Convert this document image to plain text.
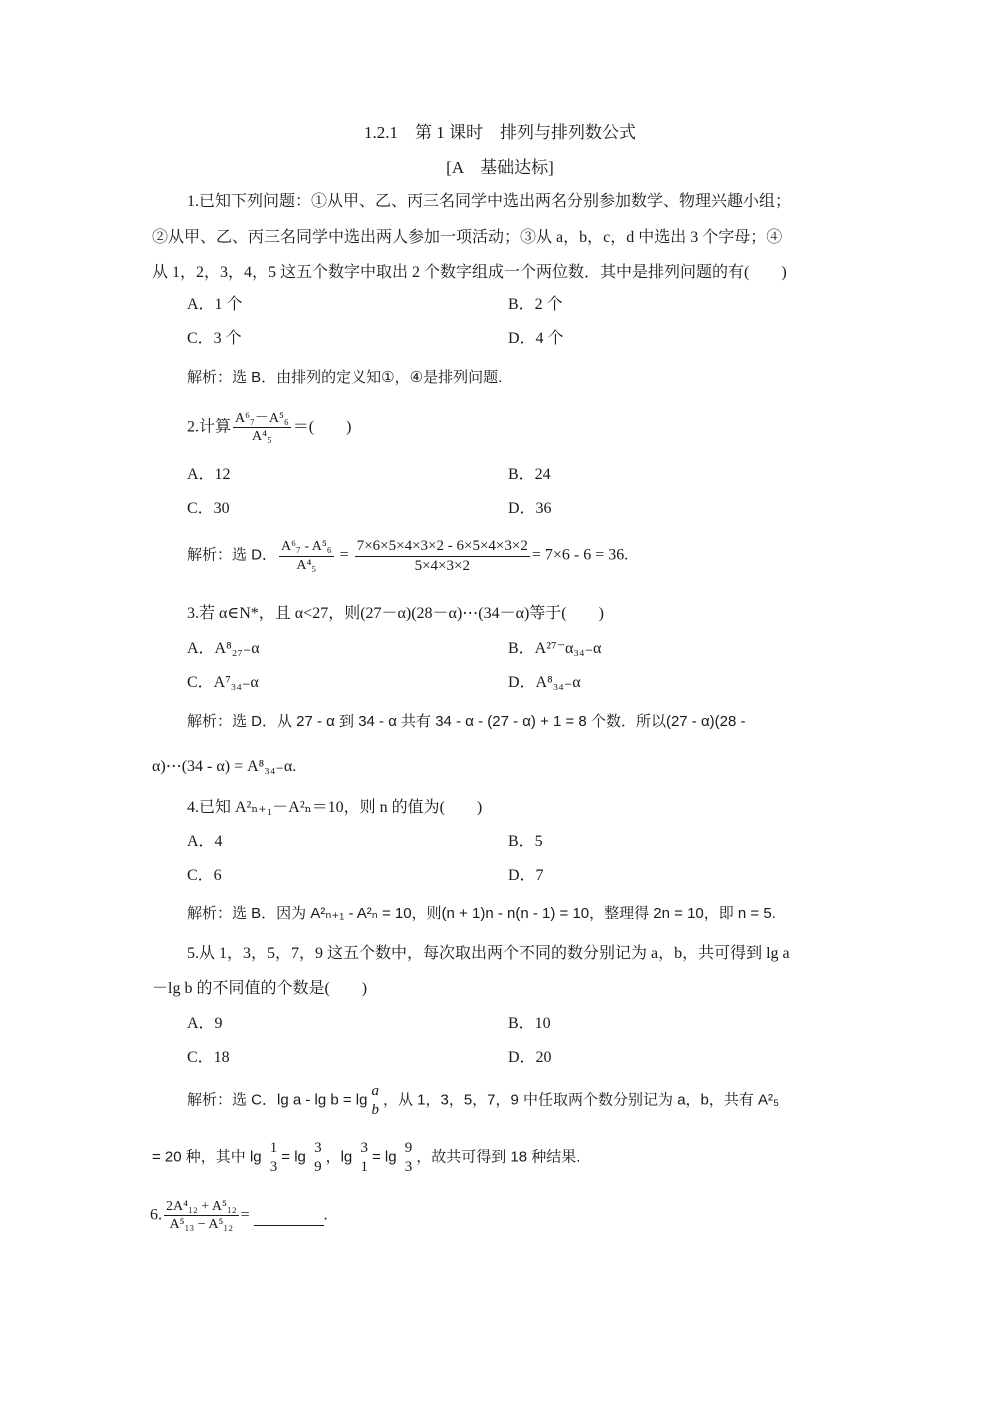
1.2.1　第 1 课时　排列与排列数公式
[A　基础达标]
1.已知下列问题：①从甲、乙、丙三名同学中选出两名分别参加数学、物理兴趣小组；
②从甲、乙、丙三名同学中选出两人参加一项活动；③从 a，b，c，d 中选出 3 个字母；④
从 1，2，3，4，5 这五个数字中取出 2 个数字组成一个两位数．其中是排列问题的有(　　)
A．1 个	B．2 个
C．3 个	D．4 个
解析：选 B．由排列的定义知①，④是排列问题.
2.计算 $\frac{\text{A⁶₇－A⁵₆}}{\text{A⁴₅}}$ ＝(　　)
A．12	B．24
C．30	D．36
解析：选 D． $\frac{\text{A⁶₇ - A⁵₆}}{\text{A⁴₅}} = \frac{7\times 6\times 5\times 4\times 3\times 2 - 6\times 5\times 4\times 3\times 2}{5\times 4\times 3\times 2} = 7\times 6 - 6 = 36$.
3.若 α∈N*，且 α<27，则(27－α)(28－α)⋯(34－α)等于(　　)
A．A⁸₂₇₋α	B．A²⁷⁻α₃₄₋α
C．A⁷₃₄₋α	D．A⁸₃₄₋α
解析：选 D．从 27 - α 到 34 - α 共有 34 - α - (27 - α) + 1 = 8 个数．所以(27 - α)(28 -
α)⋯(34 - α) = A⁸₃₄₋α.
4.已知 A²ₙ₊₁－A²ₙ＝10，则 n 的值为(　　)
A．4	B．5
C．6	D．7
解析：选 B．因为 A²ₙ₊₁ - A²ₙ = 10，则(n + 1)n - n(n - 1) = 10，整理得 2n = 10，即 n = 5.
5.从 1，3，5，7，9 这五个数中，每次取出两个不同的数分别记为 a，b，共可得到 lg a
－lg b 的不同值的个数是(　　)
A．9	B．10
C．18	D．20
解析：选 C．lg a - lg b = lg
a
b
，从 1，3，5，7，9 中任取两个数分别记为 a，b，共有 A²₅
= 20 种，其中 lg
1
3
= lg
3
9
，lg
3
1
= lg
9
3
，故共可得到 18 种结果.
6. $\frac{\text{2A⁴₁₂ + A⁵₁₂}}{\text{A⁵₁₃ − A⁵₁₂}}$ =	.
